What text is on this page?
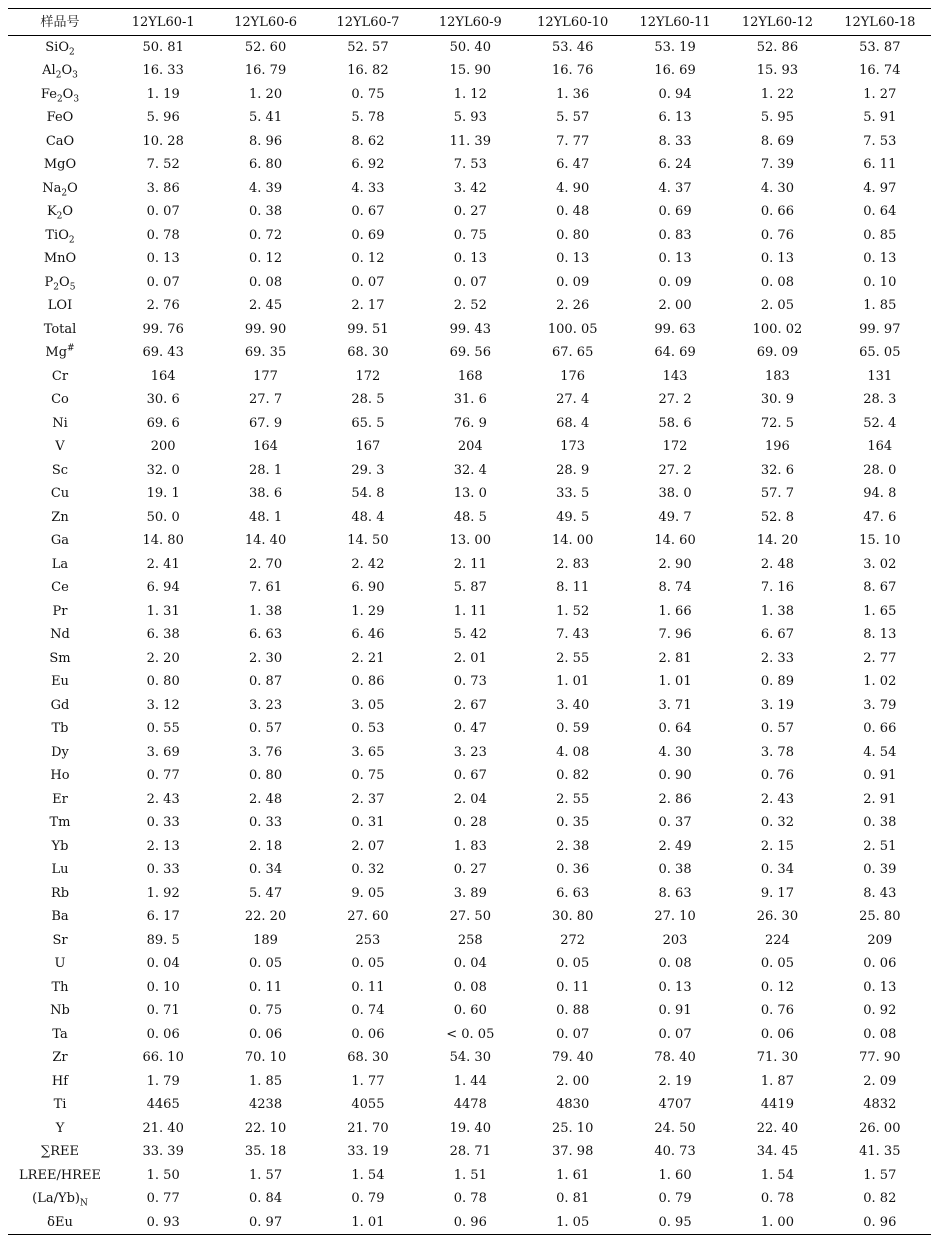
样品号	12YL60-1	12YL60-6	12YL60-7	12YL60-9	12YL60-10	12YL60-11	12YL60-12	12YL60-18
SiO$_2$	50. 81	52. 60	52. 57	50. 40	53. 46	53. 19	52. 86	53. 87
$Al_2O_3$	16. 33	16. 79	16. 82	15. 90	16. 76	16. 69	15. 93	16. 74
$Fe_2O_3$	1. 19	1. 20	0. 75	1. 12	1. 36	0. 94	1. 22	1. 27
FeO	5. 96	5. 41	5. 78	5. 93	5. 57	6. 13	5. 95	5. 91
CaO	10. 28	8. 96	8. 62	11. 39	7. 77	8. 33	8. 69	7. 53
MgO	7. 52	6. 80	6. 92	7. 53	6. 47	6. 24	7. 39	6. 11
$Na_2O$	3. 86	4. 39	4. 33	3. 42	4. 90	4. 37	4. 30	4. 97
$K_2O$	0. 07	0. 38	0. 67	0. 27	0. 48	0. 69	0. 66	0. 64
TiO$_2$	0. 78	0. 72	0. 69	0. 75	0. 80	0. 83	0. 76	0. 85
MnO	0. 13	0. 12	0. 12	0. 13	0. 13	0. 13	0. 13	0. 13
$P_2O_5$	0. 07	0. 08	0. 07	0. 07	0. 09	0. 09	0. 08	0. 10
LOI	2. 76	2. 45	2. 17	2. 52	2. 26	2. 00	2. 05	1. 85
Total	99. 76	99. 90	99. 51	99. 43	100. 05	99. 63	100. 02	99. 97
Mg#	69. 43	69. 35	68. 30	69. 56	67. 65	64. 69	69. 09	65. 05
Cr	164	177	172	168	176	143	183	131
Co	30. 6	27. 7	28. 5	31. 6	27. 4	27. 2	30. 9	28. 3
Ni	69. 6	67. 9	65. 5	76. 9	68. 4	58. 6	72. 5	52. 4
V	200	164	167	204	173	172	196	164
Sc	32. 0	28. 1	29. 3	32. 4	28. 9	27. 2	32. 6	28. 0
Cu	19. 1	38. 6	54. 8	13. 0	33. 5	38. 0	57. 7	94. 8
Zn	50. 0	48. 1	48. 4	48. 5	49. 5	49. 7	52. 8	47. 6
Ga	14. 80	14. 40	14. 50	13. 00	14. 00	14. 60	14. 20	15. 10
La	2. 41	2. 70	2. 42	2. 11	2. 83	2. 90	2. 48	3. 02
Ce	6. 94	7. 61	6. 90	5. 87	8. 11	8. 74	7. 16	8. 67
Pr	1. 31	1. 38	1. 29	1. 11	1. 52	1. 66	1. 38	1. 65
Nd	6. 38	6. 63	6. 46	5. 42	7. 43	7. 96	6. 67	8. 13
Sm	2. 20	2. 30	2. 21	2. 01	2. 55	2. 81	2. 33	2. 77
Eu	0. 80	0. 87	0. 86	0. 73	1. 01	1. 01	0. 89	1. 02
Gd	3. 12	3. 23	3. 05	2. 67	3. 40	3. 71	3. 19	3. 79
Tb	0. 55	0. 57	0. 53	0. 47	0. 59	0. 64	0. 57	0. 66
Dy	3. 69	3. 76	3. 65	3. 23	4. 08	4. 30	3. 78	4. 54
Ho	0. 77	0. 80	0. 75	0. 67	0. 82	0. 90	0. 76	0. 91
Er	2. 43	2. 48	2. 37	2. 04	2. 55	2. 86	2. 43	2. 91
Tm	0. 33	0. 33	0. 31	0. 28	0. 35	0. 37	0. 32	0. 38
Yb	2. 13	2. 18	2. 07	1. 83	2. 38	2. 49	2. 15	2. 51
Lu	0. 33	0. 34	0. 32	0. 27	0. 36	0. 38	0. 34	0. 39
Rb	1. 92	5. 47	9. 05	3. 89	6. 63	8. 63	9. 17	8. 43
Ba	6. 17	22. 20	27. 60	27. 50	30. 80	27. 10	26. 30	25. 80
Sr	89. 5	189	253	258	272	203	224	209
U	0. 04	0. 05	0. 05	0. 04	0. 05	0. 08	0. 05	0. 06
Th	0. 10	0. 11	0. 11	0. 08	0. 11	0. 13	0. 12	0. 13
Nb	0. 71	0. 75	0. 74	0. 60	0. 88	0. 91	0. 76	0. 92
Ta	0. 06	0. 06	0. 06	< 0. 05	0. 07	0. 07	0. 06	0. 08
Zr	66. 10	70. 10	68. 30	54. 30	79. 40	78. 40	71. 30	77. 90
Hf	1. 79	1. 85	1. 77	1. 44	2. 00	2. 19	1. 87	2. 09
Ti	4465	4238	4055	4478	4830	4707	4419	4832
Y	21. 40	22. 10	21. 70	19. 40	25. 10	24. 50	22. 40	26. 00
∑REE	33. 39	35. 18	33. 19	28. 71	37. 98	40. 73	34. 45	41. 35
LREE/HREE	1. 50	1. 57	1. 54	1. 51	1. 61	1. 60	1. 54	1. 57
$(La/Yb)_N$	0. 77	0. 84	0. 79	0. 78	0. 81	0. 79	0. 78	0. 82
δEu	0. 93	0. 97	1. 01	0. 96	1. 05	0. 95	1. 00	0. 96
